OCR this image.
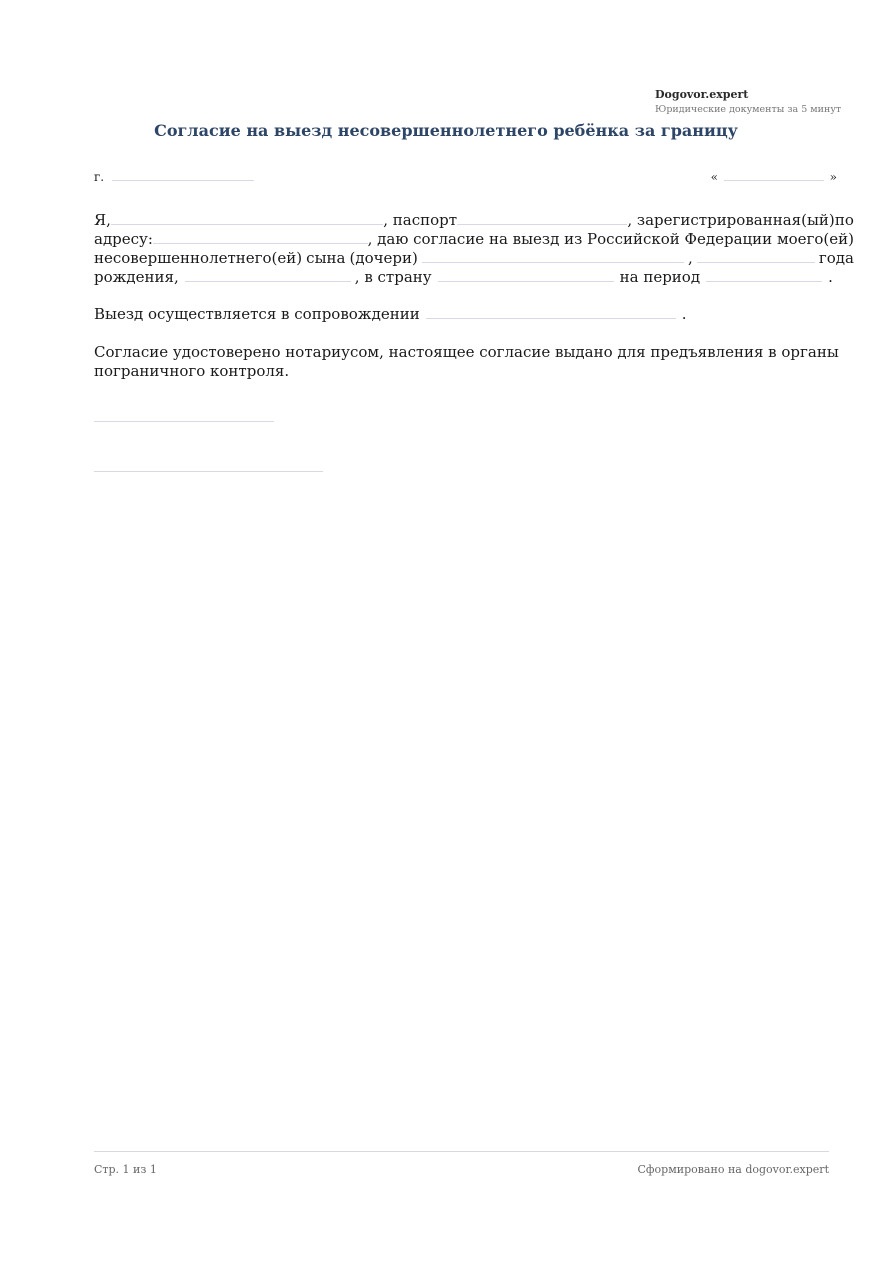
Dogovor.expert
Юридические документы за 5 минут
Согласие на выезд несовершеннолетнего ребёнка за границу
г.	«	»
Я,	, паспорт	, зарегистрированная(ый) по
адресу:	, даю согласие на выезд из Российской Федерации моего(ей)
несовершеннолетнего(ей) сына (дочери)	,	года
рождения,	, в страну	на период	.
Выезд осуществляется в сопровождении	.
Согласие удостоверено нотариусом, настоящее согласие выдано для предъявления в органы
пограничного контроля.
Стр. 1 из 1	Сформировано на dogovor.expert
